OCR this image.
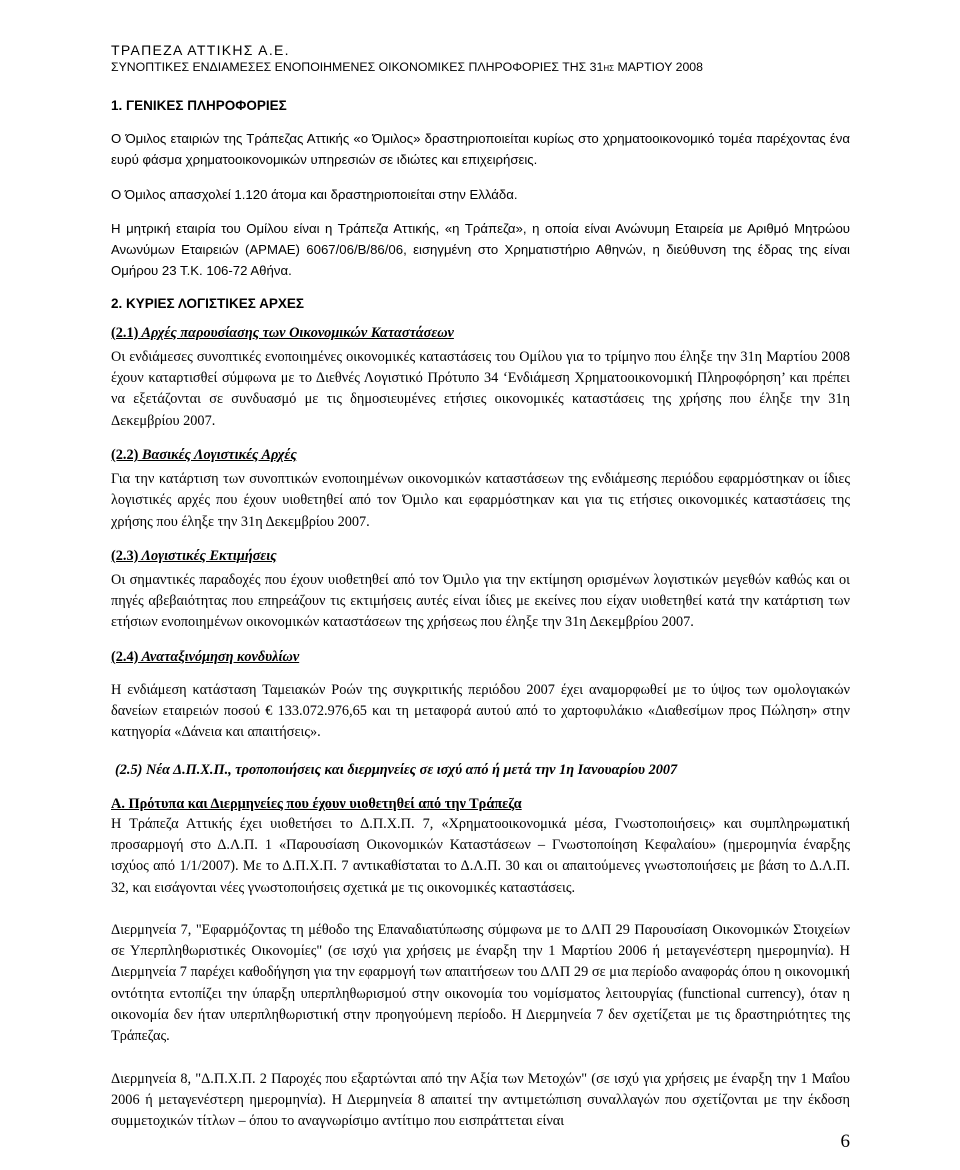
ΤΡΑΠΕΖΑ ΑΤΤΙΚΗΣ Α.Ε.

ΣΥΝΟΠΤΙΚΕΣ ΕΝΔΙΑΜΕΣΕΣ ΕΝΟΠΟΙΗΜΕΝΕΣ ΟΙΚΟΝΟΜΙΚΕΣ ΠΛΗΡΟΦΟΡΙΕΣ ΤΗΣ 31ΗΣ ΜΑΡΤΙΟΥ 2008

1. ΓΕΝΙΚΕΣ ΠΛΗΡΟΦΟΡΙΕΣ

Ο Όμιλος εταιριών της Τράπεζας Αττικής «ο Όμιλος» δραστηριοποιείται κυρίως στο χρηματοοικονομικό τομέα παρέχοντας ένα ευρύ φάσμα χρηματοοικονομικών υπηρεσιών σε ιδιώτες και επιχειρήσεις.

Ο Όμιλος απασχολεί 1.120 άτομα και δραστηριοποιείται στην Ελλάδα.

Η μητρική εταιρία του Ομίλου είναι η Τράπεζα Αττικής, «η Τράπεζα», η οποία είναι Ανώνυμη Εταιρεία με Αριθμό Μητρώου Ανωνύμων Εταιρειών (ΑΡΜΑΕ) 6067/06/Β/86/06, εισηγμένη στο Χρηματιστήριο Αθηνών, η διεύθυνση της έδρας της είναι Ομήρου 23 Τ.Κ. 106-72 Αθήνα.

2. ΚΥΡΙΕΣ ΛΟΓΙΣΤΙΚΕΣ ΑΡΧΕΣ

(2.1) Αρχές παρουσίασης των Οικονομικών Καταστάσεων

Οι ενδιάμεσες συνοπτικές ενοποιημένες οικονομικές καταστάσεις του Ομίλου για το τρίμηνο που έληξε την 31η Μαρτίου 2008 έχουν καταρτισθεί σύμφωνα με το Διεθνές Λογιστικό Πρότυπο 34 ‘Ενδιάμεση Χρηματοοικονομική Πληροφόρηση’ και πρέπει να εξετάζονται σε συνδυασμό με τις δημοσιευμένες ετήσιες οικονομικές καταστάσεις της χρήσης που έληξε την 31η Δεκεμβρίου 2007.

(2.2) Βασικές Λογιστικές Αρχές

Για την κατάρτιση των συνοπτικών ενοποιημένων οικονομικών καταστάσεων της ενδιάμεσης περιόδου εφαρμόστηκαν οι ίδιες λογιστικές αρχές που έχουν υιοθετηθεί από τον Όμιλο και εφαρμόστηκαν και για τις ετήσιες οικονομικές καταστάσεις της χρήσης που έληξε την 31η Δεκεμβρίου 2007.

(2.3) Λογιστικές Εκτιμήσεις

Οι σημαντικές παραδοχές που έχουν υιοθετηθεί από τον Όμιλο για την εκτίμηση ορισμένων λογιστικών μεγεθών καθώς και οι πηγές αβεβαιότητας που επηρεάζουν τις εκτιμήσεις αυτές είναι ίδιες με εκείνες που είχαν υιοθετηθεί κατά την κατάρτιση των ετήσιων ενοποιημένων οικονομικών καταστάσεων της χρήσεως που έληξε την 31η Δεκεμβρίου 2007.

(2.4) Αναταξινόμηση κονδυλίων

Η ενδιάμεση κατάσταση Ταμειακών Ροών της συγκριτικής περιόδου 2007 έχει αναμορφωθεί με το ύψος των ομολογιακών δανείων εταιρειών ποσού € 133.072.976,65 και τη μεταφορά αυτού από το χαρτοφυλάκιο «Διαθεσίμων προς Πώληση» στην κατηγορία «Δάνεια και απαιτήσεις».

(2.5) Νέα Δ.Π.Χ.Π., τροποποιήσεις και διερμηνείες σε ισχύ από ή μετά την 1η Ιανουαρίου 2007

Α. Πρότυπα και Διερμηνείες που έχουν υιοθετηθεί από την Τράπεζα

Η Τράπεζα Αττικής έχει υιοθετήσει το Δ.Π.Χ.Π. 7, «Χρηματοοικονομικά μέσα, Γνωστοποιήσεις» και συμπληρωματική προσαρμογή στο Δ.Λ.Π. 1 «Παρουσίαση Οικονομικών Καταστάσεων – Γνωστοποίηση Κεφαλαίου» (ημερομηνία έναρξης ισχύος από 1/1/2007). Με το Δ.Π.Χ.Π. 7 αντικαθίσταται το Δ.Λ.Π. 30 και οι απαιτούμενες γνωστοποιήσεις με βάση το Δ.Λ.Π. 32, και εισάγονται νέες γνωστοποιήσεις σχετικά με τις οικονομικές καταστάσεις.

Διερμηνεία 7, "Εφαρμόζοντας τη μέθοδο της Επαναδιατύπωσης σύμφωνα με το ΔΛΠ 29 Παρουσίαση Οικονομικών Στοιχείων σε Υπερπληθωριστικές Οικονομίες" (σε ισχύ για χρήσεις με έναρξη την 1 Μαρτίου 2006 ή μεταγενέστερη ημερομηνία). Η Διερμηνεία 7 παρέχει καθοδήγηση για την εφαρμογή των απαιτήσεων του ΔΛΠ 29 σε μια περίοδο αναφοράς όπου η οικονομική οντότητα εντοπίζει την ύπαρξη υπερπληθωρισμού στην οικονομία του νομίσματος λειτουργίας (functional currency), όταν η οικονομία δεν ήταν υπερπληθωριστική στην προηγούμενη περίοδο. Η Διερμηνεία 7 δεν σχετίζεται με τις δραστηριότητες της Τράπεζας.

Διερμηνεία 8, "Δ.Π.Χ.Π. 2 Παροχές που εξαρτώνται από την Αξία των Μετοχών" (σε ισχύ για χρήσεις με έναρξη την 1 Μαΐου 2006 ή μεταγενέστερη ημερομηνία). Η Διερμηνεία 8 απαιτεί την αντιμετώπιση συναλλαγών που σχετίζονται με την έκδοση συμμετοχικών τίτλων – όπου το αναγνωρίσιμο αντίτιμο που εισπράττεται είναι

6
